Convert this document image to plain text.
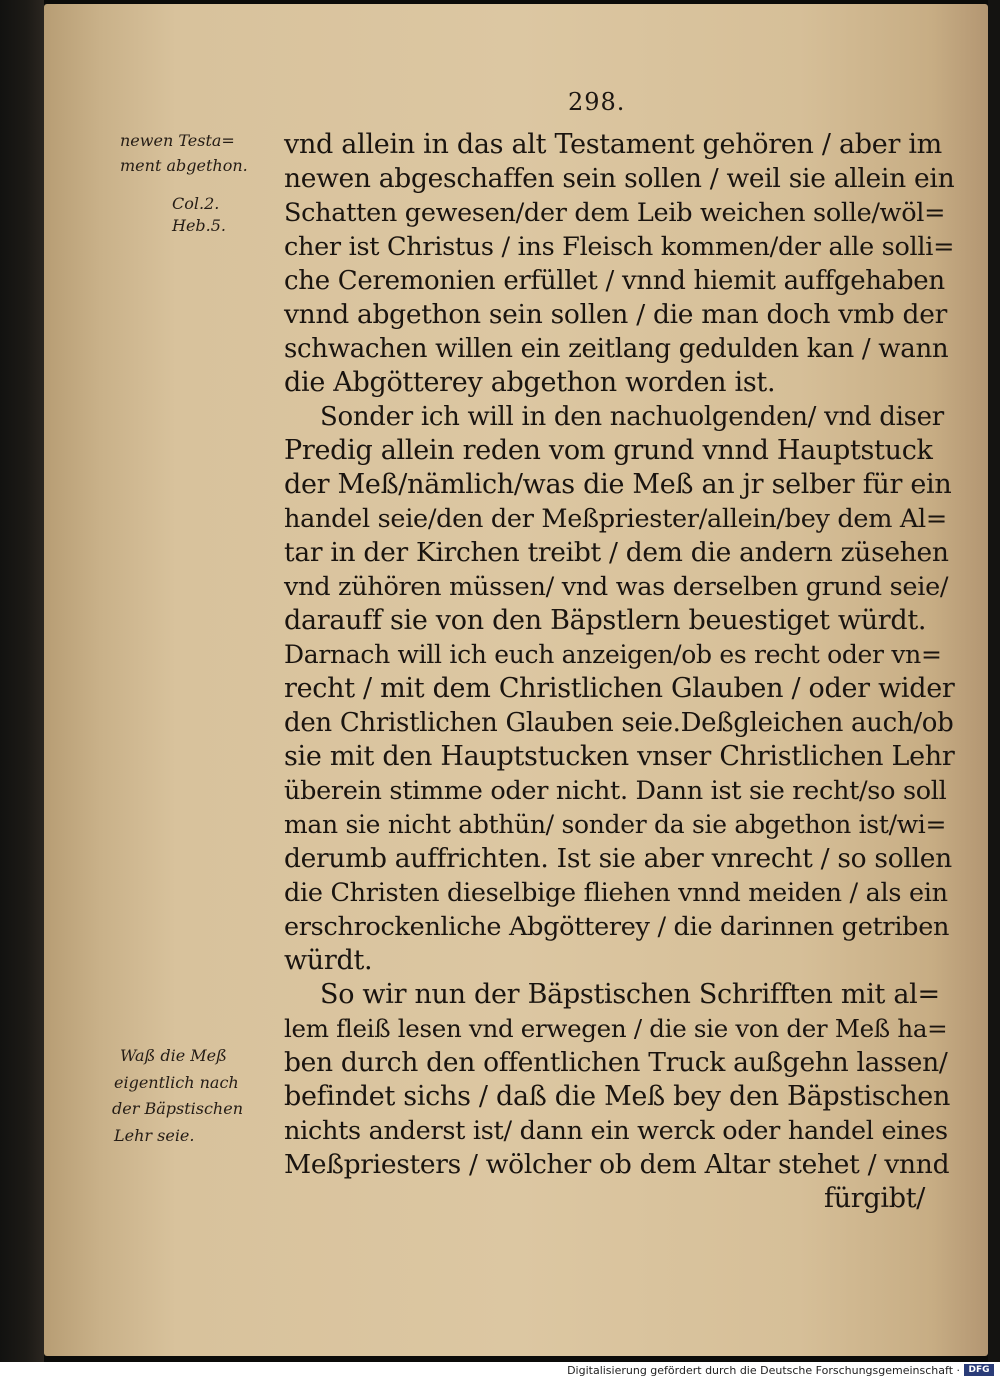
298.
newen Testa=
ment abgethon.
Col.2.
Heb.5.
Waß die Meß
eigentlich nach
der Bäpstischen
Lehr seie.
vnd allein in das alt Testament gehören / aber im
newen abgeschaffen sein sollen / weil sie allein ein
Schatten gewesen/der dem Leib weichen solle/wöl=
cher ist Christus / ins Fleisch kommen/der alle solli=
che Ceremonien erfüllet / vnnd hiemit auffgehaben
vnnd abgethon sein sollen / die man doch vmb der
schwachen willen ein zeitlang gedulden kan / wann
die Abgötterey abgethon worden ist.
Sonder ich will in den nachuolgenden/ vnd diser
Predig allein reden vom grund vnnd Hauptstuck
der Meß/nämlich/was die Meß an jr selber für ein
handel seie/den der Meßpriester/allein/bey dem Al=
tar in der Kirchen treibt / dem die andern züsehen
vnd zühören müssen/ vnd was derselben grund seie/
darauff sie von den Bäpstlern beuestiget würdt.
Darnach will ich euch anzeigen/ob es recht oder vn=
recht / mit dem Christlichen Glauben / oder wider
den Christlichen Glauben seie.Deßgleichen auch/ob
sie mit den Hauptstucken vnser Christlichen Lehr
überein stimme oder nicht. Dann ist sie recht/so soll
man sie nicht abthün/ sonder da sie abgethon ist/wi=
derumb auffrichten. Ist sie aber vnrecht / so sollen
die Christen dieselbige fliehen vnnd meiden / als ein
erschrockenliche Abgötterey / die darinnen getriben
würdt.
So wir nun der Bäpstischen Schrifften mit al=
lem fleiß lesen vnd erwegen / die sie von der Meß ha=
ben durch den offentlichen Truck außgehn lassen/
befindet sichs / daß die Meß bey den Bäpstischen
nichts anderst ist/ dann ein werck oder handel eines
Meßpriesters / wölcher ob dem Altar stehet / vnnd
fürgibt/
Digitalisierung gefördert durch die Deutsche Forschungsgemeinschaft · DFG
